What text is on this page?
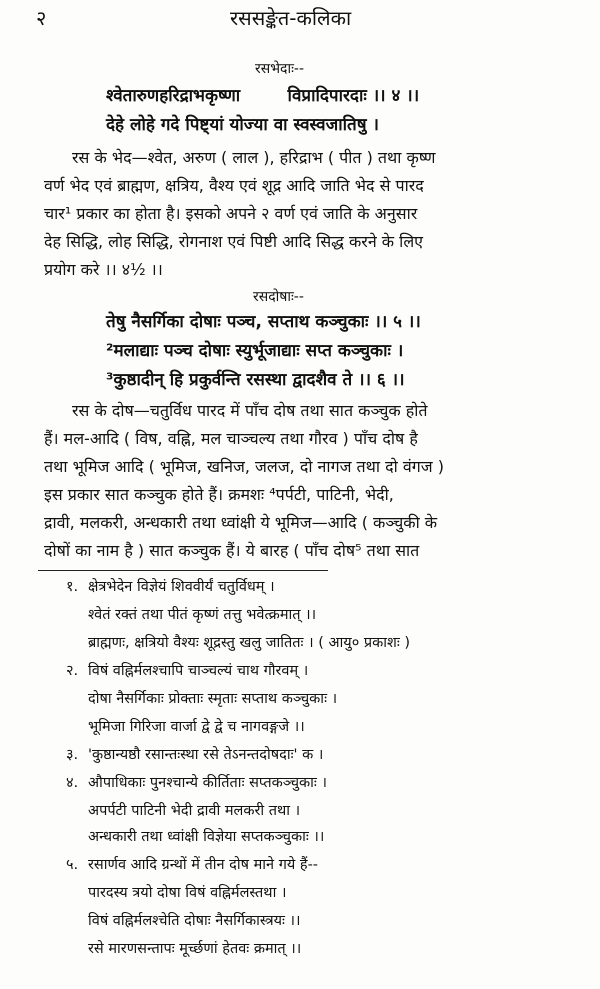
२	रससङ्केत-कलिका
रसभेदाः--
श्वेतारुणहरिद्राभकृष्णा        विप्रादिपारदाः ।। ४ ।।
देहे लोहे गदे पिष्ट्यां योज्या वा स्वस्वजातिषु ।
रस के भेद—श्वेत, अरुण ( लाल ), हरिद्राभ ( पीत ) तथा कृष्ण
वर्ण भेद एवं ब्राह्मण, क्षत्रिय, वैश्य एवं शूद्र आदि जाति भेद से पारद
चार¹ प्रकार का होता है। इसको अपने २ वर्ण एवं जाति के अनुसार
देह सिद्धि, लोह सिद्धि, रोगनाश एवं पिष्टी आदि सिद्ध करने के लिए
प्रयोग करे ।। ४½ ।।
रसदोषाः--
तेषु नैसर्गिका दोषाः पञ्च, सप्ताथ कञ्चुकाः ।। ५ ।।
²मलाद्याः पञ्च दोषाः स्युर्भूजाद्याः सप्त कञ्चुकाः ।
³कुष्ठादीन् हि प्रकुर्वन्ति रसस्था द्वादशैव ते ।। ६ ।।
रस के दोष—चतुर्विध पारद में पाँच दोष तथा सात कञ्चुक होते
हैं। मल-आदि ( विष, वह्नि, मल चाञ्चल्य तथा गौरव ) पाँच दोष है
तथा भूमिज आदि ( भूमिज, खनिज, जलज, दो नागज तथा दो वंगज )
इस प्रकार सात कञ्चुक होते हैं। क्रमशः ⁴पर्पटी, पाटिनी, भेदी,
द्रावी, मलकरी, अन्धकारी तथा ध्वांक्षी ये भूमिज—आदि ( कञ्चुकी के
दोषों का नाम है ) सात कञ्चुक हैं। ये बारह ( पाँच दोष⁵ तथा सात
१. क्षेत्रभेदेन विज्ञेयं शिववीर्यं चतुर्विधम् ।
श्वेतं रक्तं तथा पीतं कृष्णं तत्तु भवेत्क्रमात् ।।
ब्राह्मणः, क्षत्रियो वैश्यः शूद्रस्तु खलु जातितः । ( आयु० प्रकाशः )
२. विषं वह्निर्मलश्चापि चाञ्चल्यं चाथ गौरवम् ।
दोषा नैसर्गिकाः प्रोक्ताः स्मृताः सप्ताथ कञ्चुकाः ।
भूमिजा गिरिजा वार्जा द्वे द्वे च नागवङ्गजे ।।
३. 'कुष्ठान्यष्ठौ रसान्तःस्था रसे तेऽनन्तदोषदाः' क ।
४. औपाधिकाः पुनश्चान्ये कीर्तिताः सप्तकञ्चुकाः ।
अपर्पटी पाटिनी भेदी द्रावी मलकरी तथा ।
अन्धकारी तथा ध्वांक्षी विज्ञेया सप्तकञ्चुकाः ।।
५. रसार्णव आदि ग्रन्थों में तीन दोष माने गये हैं--
पारदस्य त्रयो दोषा विषं वह्निर्मलस्तथा ।
विषं वह्निर्मलश्चेति दोषाः नैसर्गिकास्त्रयः ।।
रसे मारणसन्तापः मूर्च्छणां हेतवः क्रमात् ।।
